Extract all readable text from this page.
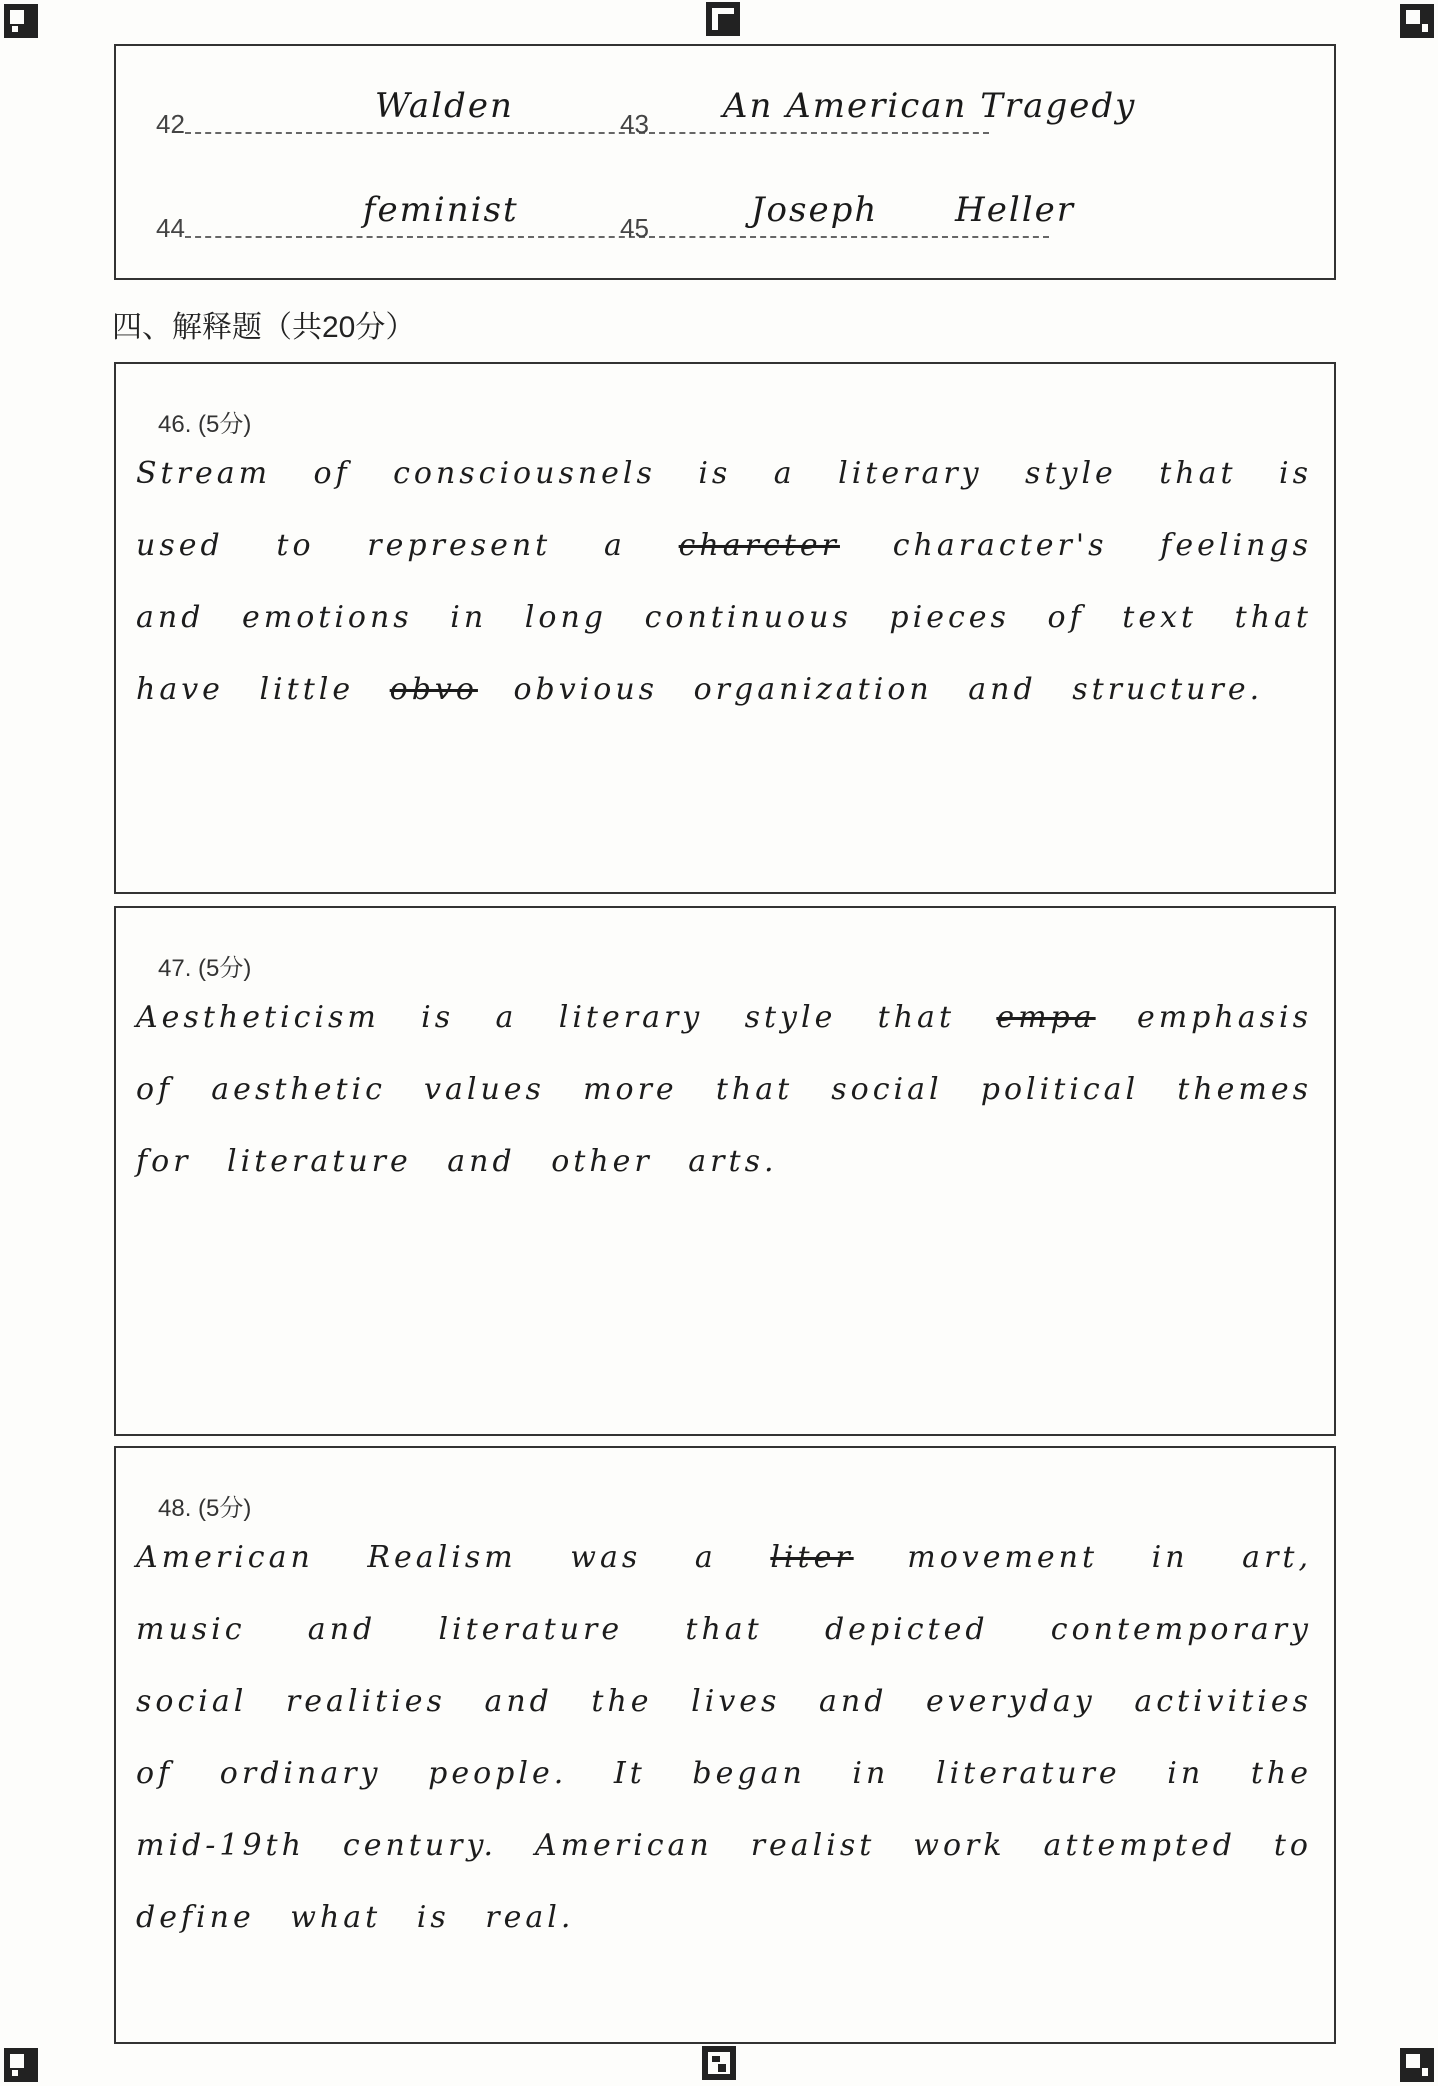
42	Walden	43 An American Tragedy
44	feminist	45	Joseph Heller
四、解释题（共20分）
46. (5分)
Stream of consciousnels is a literary style that is used to represent a charcter character's feelings and emotions in long continuous pieces of text that have little obvo obvious organization and structure.
47. (5分)
Aestheticism is a literary style that empa emphasis of aesthetic values more that social political themes for literature and other arts.
48. (5分)
American Realism was a liter movement in art, music and literature that depicted contemporary social realities and the lives and everyday activities of ordinary people. It began in literature in the mid-19th century. American realist work attempted to define what is real.
